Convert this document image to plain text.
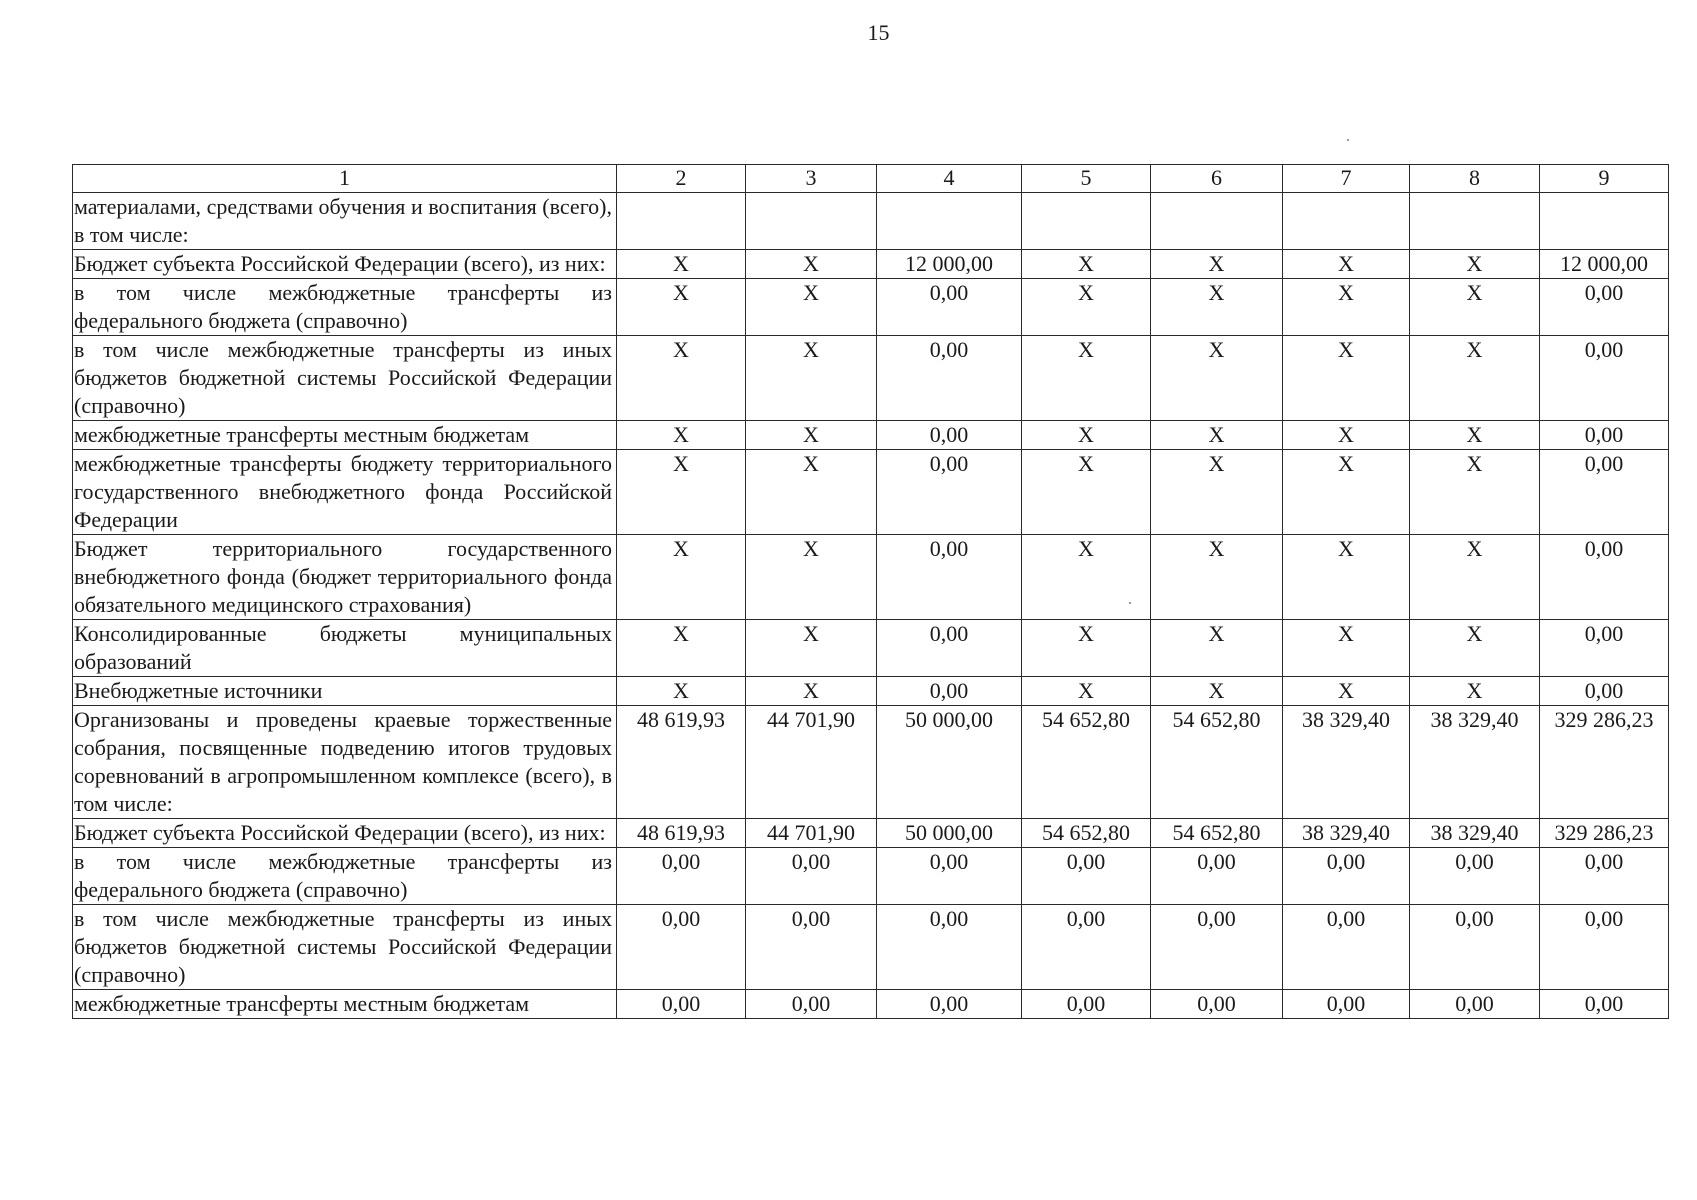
15
1	2	3	4	5	6	7	8	9
материалами, средствами обучения и воспитания (всего), в том числе:								
Бюджет субъекта Российской Федерации (всего), из них:	X	X	12 000,00	X	X	X	X	12 000,00
в том числе межбюджетные трансферты из федерального бюджета (справочно)	X	X	0,00	X	X	X	X	0,00
в том числе межбюджетные трансферты из иных бюджетов бюджетной системы Российской Федерации (справочно)	X	X	0,00	X	X	X	X	0,00
межбюджетные трансферты местным бюджетам	X	X	0,00	X	X	X	X	0,00
межбюджетные трансферты бюджету территориального государственного внебюджетного фонда Российской Федерации	X	X	0,00	X	X	X	X	0,00
Бюджет территориального государственного внебюджетного фонда (бюджет территориального фонда обязательного медицинского страхования)	X	X	0,00	X	X	X	X	0,00
Консолидированные бюджеты муниципальных образований	X	X	0,00	X	X	X	X	0,00
Внебюджетные источники	X	X	0,00	X	X	X	X	0,00
Организованы и проведены краевые торжественные собрания, посвященные подведению итогов трудовых соревнований в агропромышленном комплексе (всего), в том числе:	48 619,93	44 701,90	50 000,00	54 652,80	54 652,80	38 329,40	38 329,40	329 286,23
Бюджет субъекта Российской Федерации (всего), из них:	48 619,93	44 701,90	50 000,00	54 652,80	54 652,80	38 329,40	38 329,40	329 286,23
в том числе межбюджетные трансферты из федерального бюджета (справочно)	0,00	0,00	0,00	0,00	0,00	0,00	0,00	0,00
в том числе межбюджетные трансферты из иных бюджетов бюджетной системы Российской Федерации (справочно)	0,00	0,00	0,00	0,00	0,00	0,00	0,00	0,00
межбюджетные трансферты местным бюджетам	0,00	0,00	0,00	0,00	0,00	0,00	0,00	0,00
